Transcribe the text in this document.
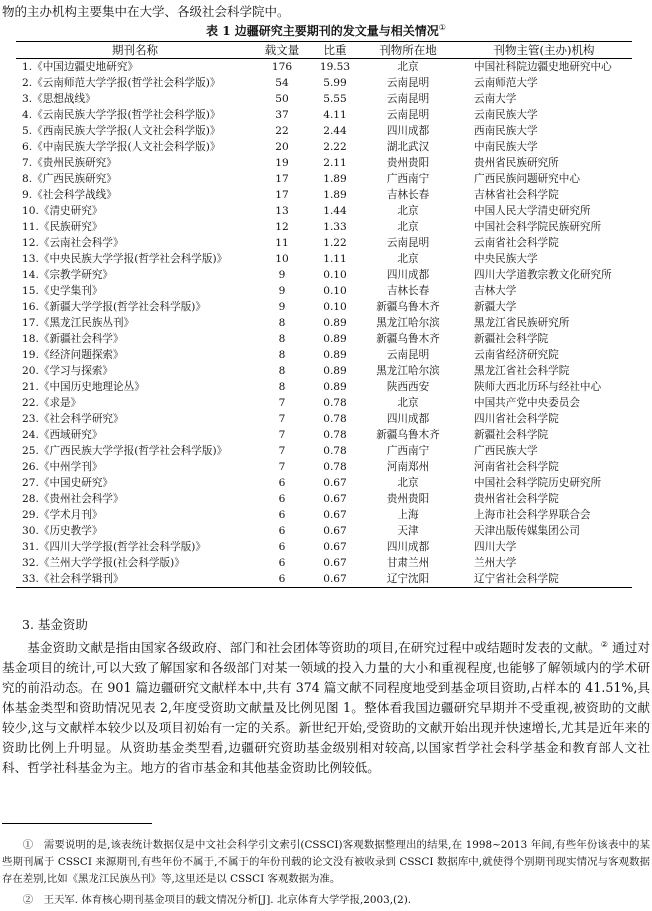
物的主办机构主要集中在大学、各级社会科学院中。
表 1 边疆研究主要期刊的发文量与相关情况①
期刊名称	载文量	比重	刊物所在地	刊物主管(主办)机构
1.《中国边疆史地研究》	176	19.53	北京	中国社科院边疆史地研究中心
2.《云南师范大学学报(哲学社会科学版)》	54	5.99	云南昆明	云南师范大学
3.《思想战线》	50	5.55	云南昆明	云南大学
4.《云南民族大学学报(哲学社会科学版)》	37	4.11	云南昆明	云南民族大学
5.《西南民族大学学报(人文社会科学版)》	22	2.44	四川成都	西南民族大学
6.《中南民族大学学报(人文社会科学版)》	20	2.22	湖北武汉	中南民族大学
7.《贵州民族研究》	19	2.11	贵州贵阳	贵州省民族研究所
8.《广西民族研究》	17	1.89	广西南宁	广西民族问题研究中心
9.《社会科学战线》	17	1.89	吉林长春	吉林省社会科学院
10.《清史研究》	13	1.44	北京	中国人民大学清史研究所
11.《民族研究》	12	1.33	北京	中国社会科学院民族研究所
12.《云南社会科学》	11	1.22	云南昆明	云南省社会科学院
13.《中央民族大学学报(哲学社会科学版)》	10	1.11	北京	中央民族大学
14.《宗教学研究》	9	0.10	四川成都	四川大学道教宗教文化研究所
15.《史学集刊》	9	0.10	吉林长春	吉林大学
16.《新疆大学学报(哲学社会科学版)》	9	0.10	新疆乌鲁木齐	新疆大学
17.《黑龙江民族丛刊》	8	0.89	黑龙江哈尔滨	黑龙江省民族研究所
18.《新疆社会科学》	8	0.89	新疆乌鲁木齐	新疆社会科学院
19.《经济问题探索》	8	0.89	云南昆明	云南省经济研究院
20.《学习与探索》	8	0.89	黑龙江哈尔滨	黑龙江省社会科学院
21.《中国历史地理论丛》	8	0.89	陕西西安	陕师大西北历环与经社中心
22.《求是》	7	0.78	北京	中国共产党中央委员会
23.《社会科学研究》	7	0.78	四川成都	四川省社会科学院
24.《西域研究》	7	0.78	新疆乌鲁木齐	新疆社会科学院
25.《广西民族大学学报(哲学社会科学版)》	7	0.78	广西南宁	广西民族大学
26.《中州学刊》	7	0.78	河南郑州	河南省社会科学院
27.《中国史研究》	6	0.67	北京	中国社会科学院历史研究所
28.《贵州社会科学》	6	0.67	贵州贵阳	贵州省社会科学院
29.《学术月刊》	6	0.67	上海	上海市社会科学界联合会
30.《历史教学》	6	0.67	天津	天津出版传媒集团公司
31.《四川大学学报(哲学社会科学版)》	6	0.67	四川成都	四川大学
32.《兰州大学学报(社会科学版)》	6	0.67	甘肃兰州	兰州大学
33.《社会科学辑刊》	6	0.67	辽宁沈阳	辽宁省社会科学院
3. 基金资助

基金资助文献是指由国家各级政府、部门和社会团体等资助的项目,在研究过程中或结题时发表的文献。② 通过对基金项目的统计,可以大致了解国家和各级部门对某一领域的投入力量的大小和重视程度,也能够了解领域内的学术研究的前沿动态。在 901 篇边疆研究文献样本中,共有 374 篇文献不同程度地受到基金项目资助,占样本的 41.51%,具体基金类型和资助情况见表 2,年度受资助文献量及比例见图 1。整体看我国边疆研究早期并不受重视,被资助的文献较少,这与文献样本较少以及项目初始有一定的关系。新世纪开始,受资助的文献开始出现并快速增长,尤其是近年来的资助比例上升明显。从资助基金类型看,边疆研究资助基金级别相对较高,以国家哲学社会科学基金和教育部人文社科、哲学社科基金为主。地方的省市基金和其他基金资助比例较低。

①　需要说明的是,该表统计数据仅是中文社会科学引文索引(CSSCI)客观数据整理出的结果,在 1998~2013 年间,有些年份该表中的某些期刊属于 CSSCI 来源期刊,有些年份不属于,不属于的年份刊载的论文没有被收录到 CSSCI 数据库中,就使得个别期刊现实情况与客观数据存在差别,比如《黑龙江民族丛刊》等,这里还是以 CSSCI 客观数据为准。

②　王天军. 体育核心期刊基金项目的载文情况分析[J]. 北京体育大学学报,2003,(2).
